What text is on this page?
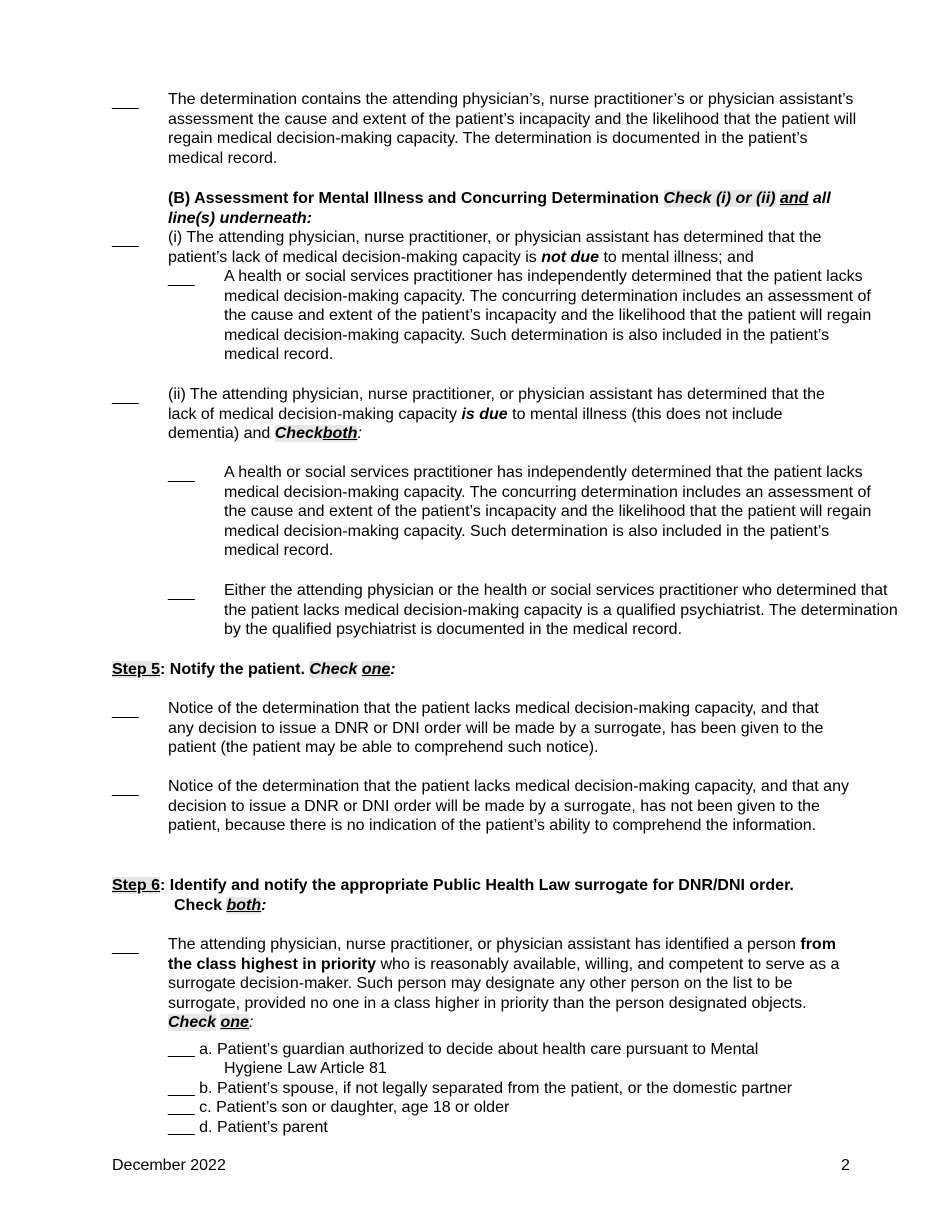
___ The determination contains the attending physician’s, nurse practitioner’s or physician assistant’s assessment the cause and extent of the patient’s incapacity and the likelihood that the patient will regain medical decision-making capacity. The determination is documented in the patient’s medical record.
(B) Assessment for Mental Illness and Concurring Determination Check (i) or (ii) and all line(s) underneath:
___ (i) The attending physician, nurse practitioner, or physician assistant has determined that the patient’s lack of medical decision-making capacity is not due to mental illness; and
___ A health or social services practitioner has independently determined that the patient lacks medical decision-making capacity. The concurring determination includes an assessment of the cause and extent of the patient’s incapacity and the likelihood that the patient will regain medical decision-making capacity. Such determination is also included in the patient’s medical record.
___ (ii) The attending physician, nurse practitioner, or physician assistant has determined that the lack of medical decision-making capacity is due to mental illness (this does not include dementia) and Checkboth:
___ A health or social services practitioner has independently determined that the patient lacks medical decision-making capacity. The concurring determination includes an assessment of the cause and extent of the patient’s incapacity and the likelihood that the patient will regain medical decision-making capacity. Such determination is also included in the patient’s medical record.
___ Either the attending physician or the health or social services practitioner who determined that the patient lacks medical decision-making capacity is a qualified psychiatrist. The determination by the qualified psychiatrist is documented in the medical record.
Step 5: Notify the patient. Check one:
___ Notice of the determination that the patient lacks medical decision-making capacity, and that any decision to issue a DNR or DNI order will be made by a surrogate, has been given to the patient (the patient may be able to comprehend such notice).
___ Notice of the determination that the patient lacks medical decision-making capacity, and that any decision to issue a DNR or DNI order will be made by a surrogate, has not been given to the patient, because there is no indication of the patient’s ability to comprehend the information.
Step 6: Identify and notify the appropriate Public Health Law surrogate for DNR/DNI order.
Check both:
___ The attending physician, nurse practitioner, or physician assistant has identified a person from the class highest in priority who is reasonably available, willing, and competent to serve as a surrogate decision-maker. Such person may designate any other person on the list to be surrogate, provided no one in a class higher in priority than the person designated objects. Check one:
___ a. Patient’s guardian authorized to decide about health care pursuant to Mental
Hygiene Law Article 81
___ b. Patient’s spouse, if not legally separated from the patient, or the domestic partner
___ c. Patient’s son or daughter, age 18 or older
___ d. Patient’s parent
December 2022	2
